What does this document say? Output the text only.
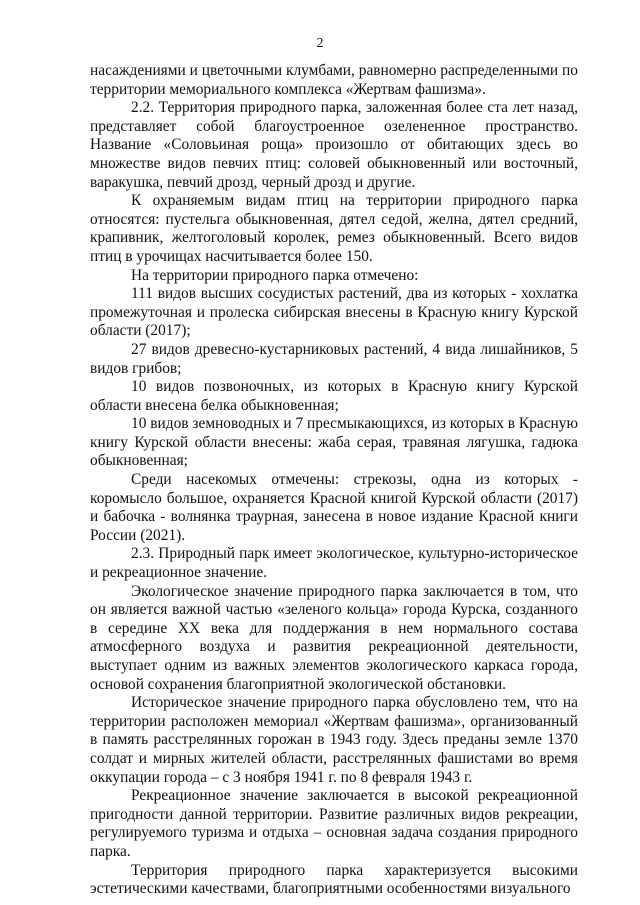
2

насаждениями и цветочными клумбами, равномерно распределенными по территории мемориального комплекса «Жертвам фашизма».

2.2. Территория природного парка, заложенная более ста лет назад, представляет собой благоустроенное озелененное пространство. Название «Соловьиная роща» произошло от обитающих здесь во множестве видов певчих птиц: соловей обыкновенный или восточный, варакушка, певчий дрозд, черный дрозд и другие.

К охраняемым видам птиц на территории природного парка относятся: пустельга обыкновенная, дятел седой, желна, дятел средний, крапивник, желтоголовый королек, ремез обыкновенный. Всего видов птиц в урочищах насчитывается более 150.

На территории природного парка отмечено:

111 видов высших сосудистых растений, два из которых - хохлатка промежуточная и пролеска сибирская внесены в Красную книгу Курской области (2017);

27 видов древесно-кустарниковых растений, 4 вида лишайников, 5 видов грибов;

10 видов позвоночных, из которых в Красную книгу Курской области внесена белка обыкновенная;

10 видов земноводных и 7 пресмыкающихся, из которых в Красную книгу Курской области внесены: жаба серая, травяная лягушка, гадюка обыкновенная;

Среди насекомых отмечены: стрекозы, одна из которых - коромысло большое, охраняется Красной книгой Курской области (2017) и бабочка - волнянка траурная, занесена в новое издание Красной книги России (2021).

2.3. Природный парк имеет экологическое, культурно-историческое и рекреационное значение.

Экологическое значение природного парка заключается в том, что он является важной частью «зеленого кольца» города Курска, созданного в середине ХХ века для поддержания в нем нормального состава атмосферного воздуха и развития рекреационной деятельности, выступает одним из важных элементов экологического каркаса города, основой сохранения благоприятной экологической обстановки.

Историческое значение природного парка обусловлено тем, что на территории расположен мемориал «Жертвам фашизма», организованный в память расстрелянных горожан в 1943 году. Здесь преданы земле 1370 солдат и мирных жителей области, расстрелянных фашистами во время оккупации города – с 3 ноября 1941 г. по 8 февраля 1943 г.

Рекреационное значение заключается в высокой рекреационной пригодности данной территории. Развитие различных видов рекреации, регулируемого туризма и отдыха – основная задача создания природного парка.

Территория природного парка характеризуется высокими эстетическими качествами, благоприятными особенностями визуального
